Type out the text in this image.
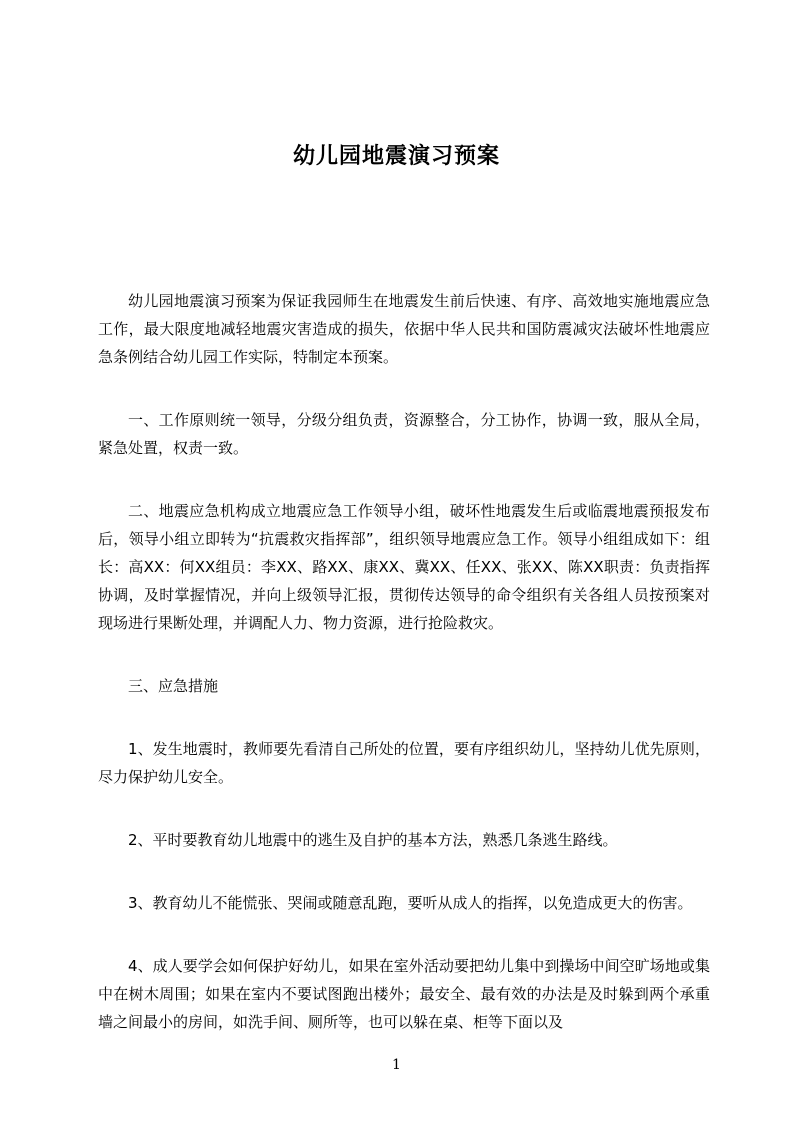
幼儿园地震演习预案

幼儿园地震演习预案为保证我园师生在地震发生前后快速、有序、高效地实施地震应急工作，最大限度地减轻地震灾害造成的损失，依据中华人民共和国防震减灾法破坏性地震应急条例结合幼儿园工作实际，特制定本预案。

一、工作原则统一领导，分级分组负责，资源整合，分工协作，协调一致，服从全局，紧急处置，权责一致。

二、地震应急机构成立地震应急工作领导小组，破坏性地震发生后或临震地震预报发布后，领导小组立即转为“抗震救灾指挥部”，组织领导地震应急工作。领导小组组成如下：组长：高XX：何XX组员：李XX、路XX、康XX、冀XX、任XX、张XX、陈XX职责：负责指挥协调，及时掌握情况，并向上级领导汇报，贯彻传达领导的命令组织有关各组人员按预案对现场进行果断处理，并调配人力、物力资源，进行抢险救灾。

三、应急措施

1、发生地震时，教师要先看清自己所处的位置，要有序组织幼儿，坚持幼儿优先原则，尽力保护幼儿安全。

2、平时要教育幼儿地震中的逃生及自护的基本方法，熟悉几条逃生路线。

3、教育幼儿不能慌张、哭闹或随意乱跑，要听从成人的指挥，以免造成更大的伤害。

4、成人要学会如何保护好幼儿，如果在室外活动要把幼儿集中到操场中间空旷场地或集中在树木周围；如果在室内不要试图跑出楼外；最安全、最有效的办法是及时躲到两个承重墙之间最小的房间，如洗手间、厕所等，也可以躲在桌、柜等下面以及

1
